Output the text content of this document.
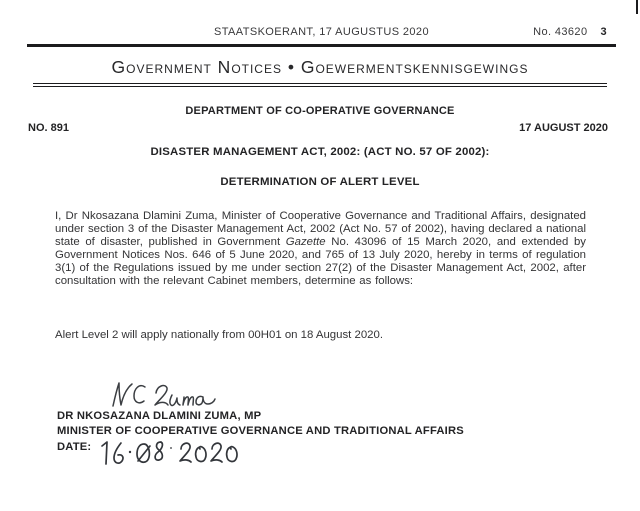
STAATSKOERANT, 17 AUGUSTUS 2020	No. 43620 3
Government Notices • Goewermentskennisgewings
DEPARTMENT OF CO-OPERATIVE GOVERNANCE
NO. 891	17 AUGUST 2020
DISASTER MANAGEMENT ACT, 2002: (ACT NO. 57 OF 2002):
DETERMINATION OF ALERT LEVEL
I, Dr Nkosazana Dlamini Zuma, Minister of Cooperative Governance and Traditional Affairs, designated under section 3 of the Disaster Management Act, 2002 (Act No. 57 of 2002), having declared a national state of disaster, published in Government Gazette No. 43096 of 15 March 2020, and extended by Government Notices Nos. 646 of 5 June 2020, and 765 of 13 July 2020, hereby in terms of regulation 3(1) of the Regulations issued by me under section 27(2) of the Disaster Management Act, 2002, after consultation with the relevant Cabinet members, determine as follows:
Alert Level 2 will apply nationally from 00H01 on 18 August 2020.
DR NKOSAZANA DLAMINI ZUMA, MP
MINISTER OF COOPERATIVE GOVERNANCE AND TRADITIONAL AFFAIRS
DATE:
